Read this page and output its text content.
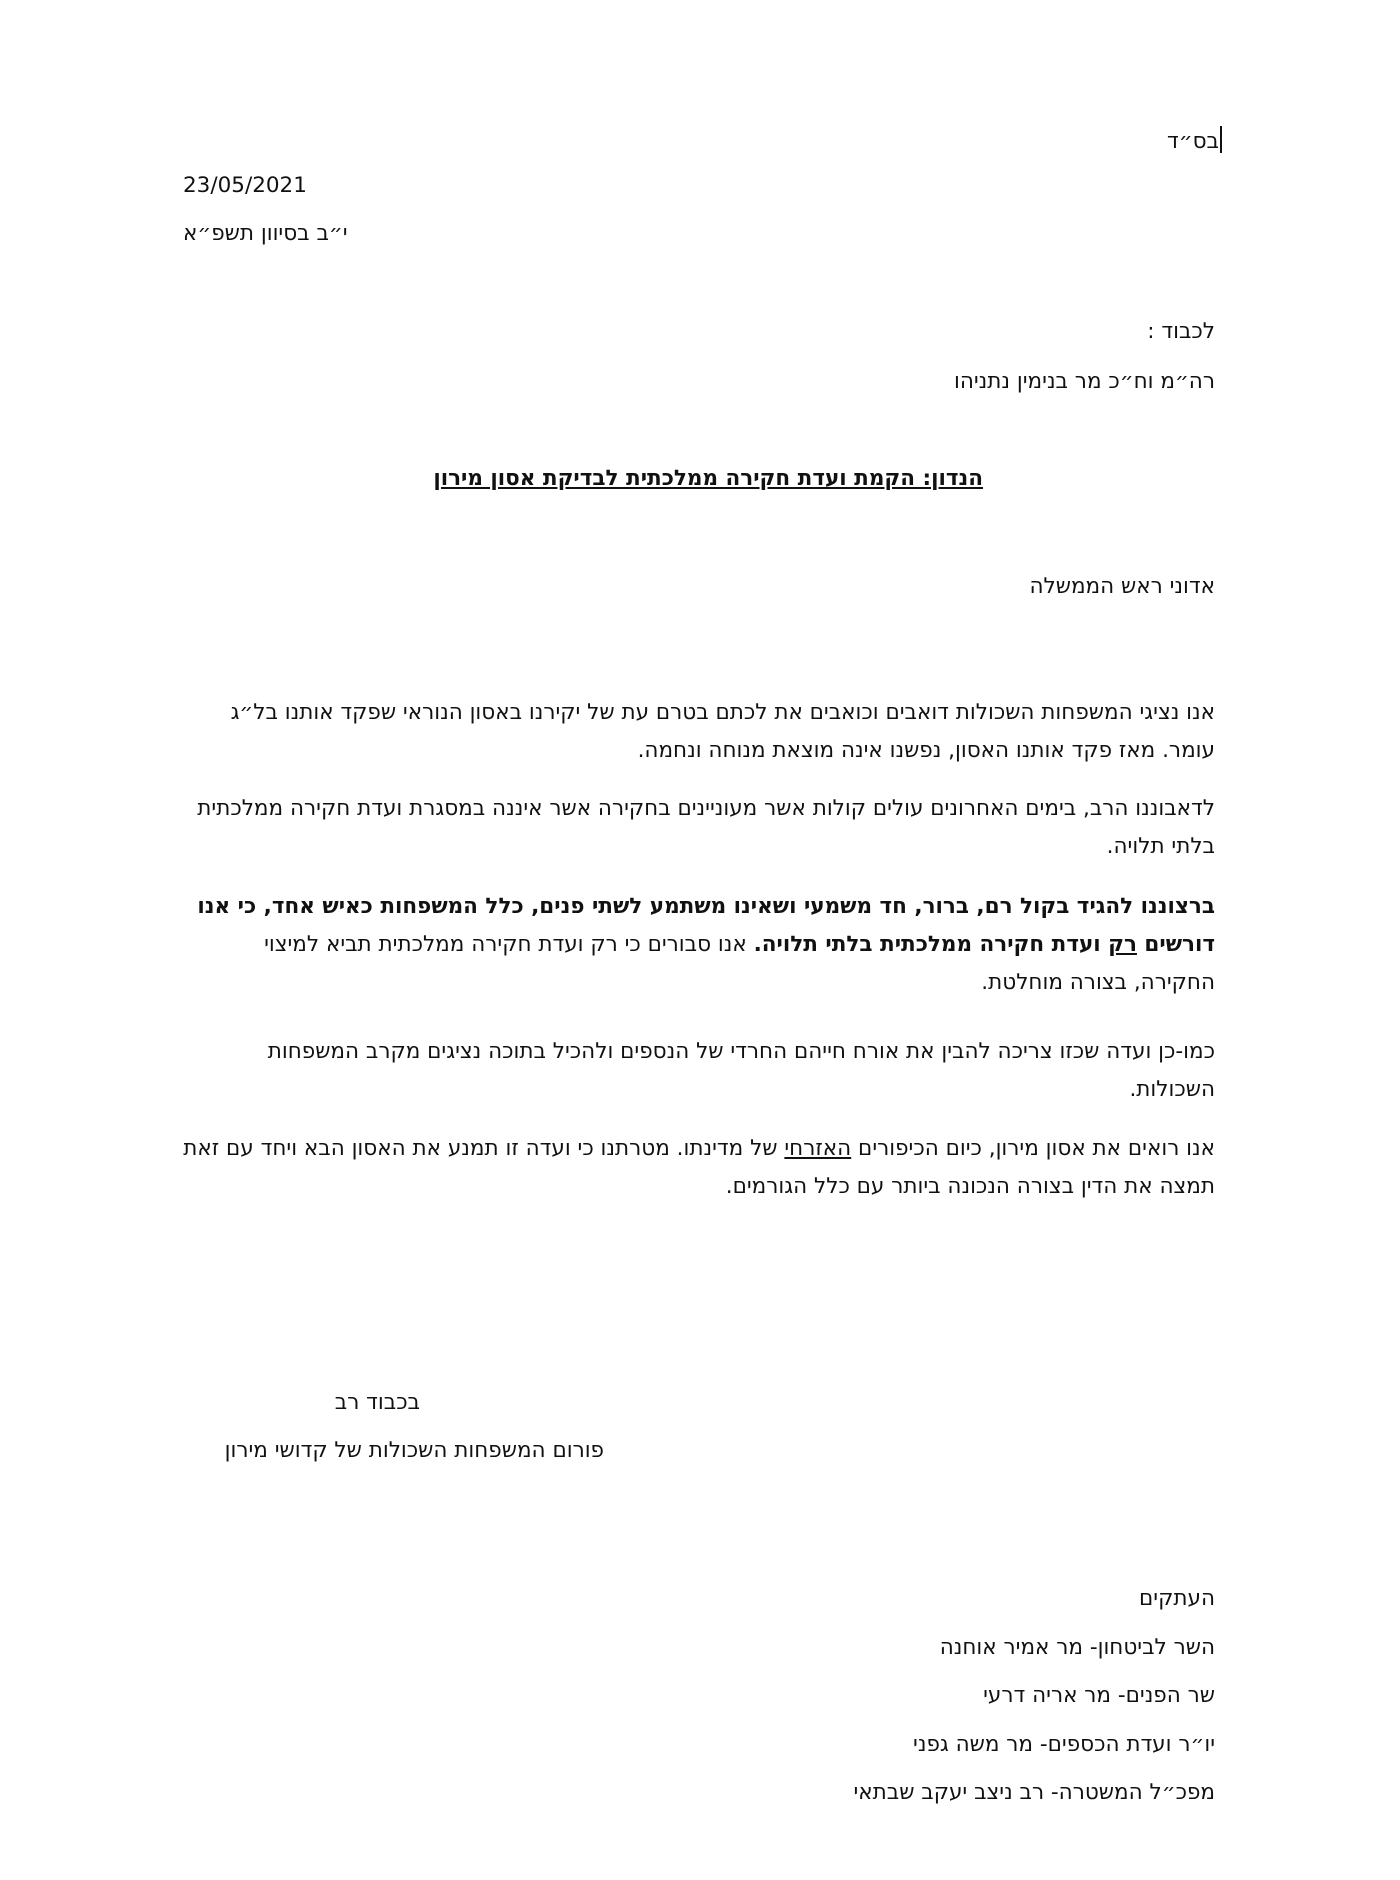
בס״ד
23/05/2021
י״ב בסיוון תשפ״א
לכבוד :
רה״מ וח״כ מר בנימין נתניהו
הנדון: הקמת ועדת חקירה ממלכתית לבדיקת אסון מירון
אדוני ראש הממשלה
אנו נציגי המשפחות השכולות דואבים וכואבים את לכתם בטרם עת של יקירנו באסון הנוראי שפקד אותנו בל״ג עומר. מאז פקד אותנו האסון, נפשנו אינה מוצאת מנוחה ונחמה.
לדאבוננו הרב, בימים האחרונים עולים קולות אשר מעוניינים בחקירה אשר איננה במסגרת ועדת חקירה ממלכתית בלתי תלויה.
ברצוננו להגיד בקול רם, ברור, חד משמעי ושאינו משתמע לשתי פנים, כלל המשפחות כאיש אחד, כי אנו דורשים רק ועדת חקירה ממלכתית בלתי תלויה. אנו סבורים כי רק ועדת חקירה ממלכתית תביא למיצוי החקירה, בצורה מוחלטת.
כמו-כן ועדה שכזו צריכה להבין את אורח חייהם החרדי של הנספים ולהכיל בתוכה נציגים מקרב המשפחות השכולות.
אנו רואים את אסון מירון, כיום הכיפורים האזרחי של מדינתו. מטרתנו כי ועדה זו תמנע את האסון הבא ויחד עם זאת תמצה את הדין בצורה הנכונה ביותר עם כלל הגורמים.
בכבוד רב
פורום המשפחות השכולות של קדושי מירון
העתקים
השר לביטחון- מר אמיר אוחנה
שר הפנים- מר אריה דרעי
יו״ר ועדת הכספים- מר משה גפני
מפכ״ל המשטרה- רב ניצב יעקב שבתאי
